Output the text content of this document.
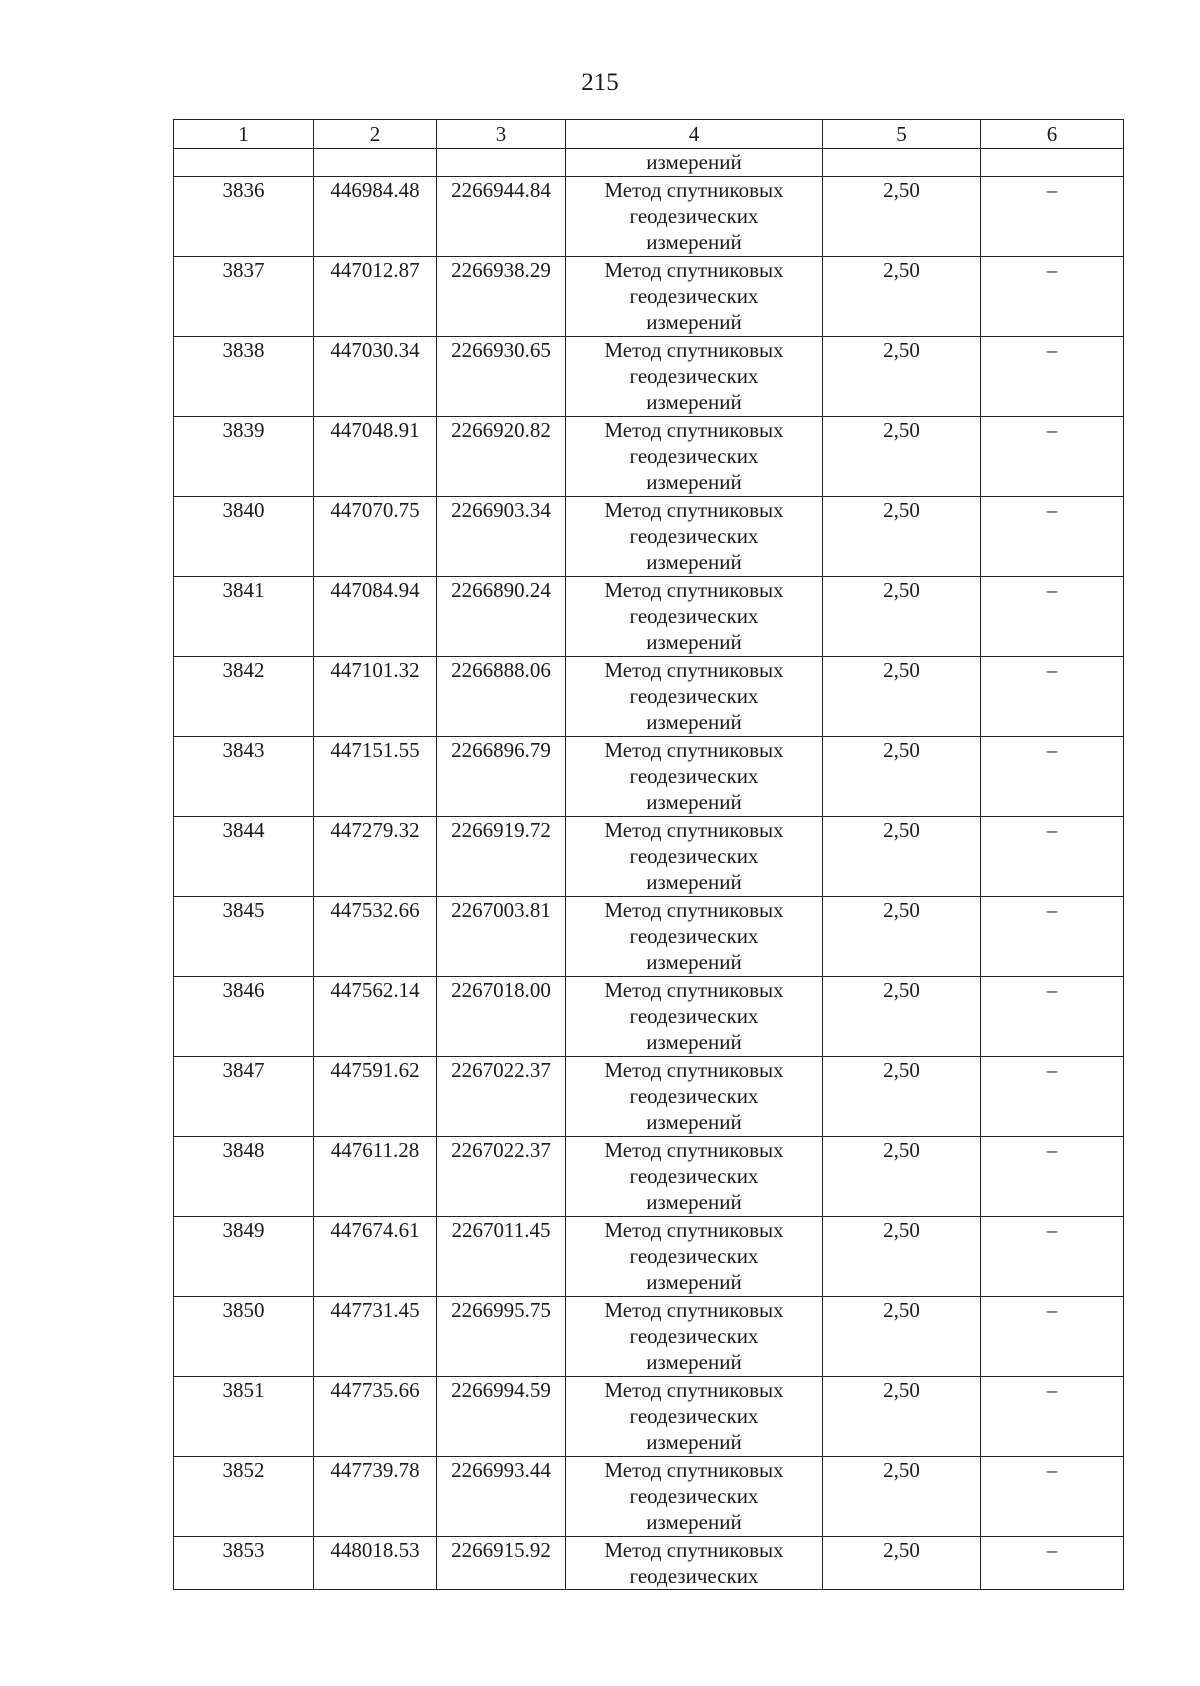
215
1	2	3	4	5	6
			измерений		
3836	446984.48	2266944.84	Метод спутниковых
геодезических
измерений	2,50	–
3837	447012.87	2266938.29	Метод спутниковых
геодезических
измерений	2,50	–
3838	447030.34	2266930.65	Метод спутниковых
геодезических
измерений	2,50	–
3839	447048.91	2266920.82	Метод спутниковых
геодезических
измерений	2,50	–
3840	447070.75	2266903.34	Метод спутниковых
геодезических
измерений	2,50	–
3841	447084.94	2266890.24	Метод спутниковых
геодезических
измерений	2,50	–
3842	447101.32	2266888.06	Метод спутниковых
геодезических
измерений	2,50	–
3843	447151.55	2266896.79	Метод спутниковых
геодезических
измерений	2,50	–
3844	447279.32	2266919.72	Метод спутниковых
геодезических
измерений	2,50	–
3845	447532.66	2267003.81	Метод спутниковых
геодезических
измерений	2,50	–
3846	447562.14	2267018.00	Метод спутниковых
геодезических
измерений	2,50	–
3847	447591.62	2267022.37	Метод спутниковых
геодезических
измерений	2,50	–
3848	447611.28	2267022.37	Метод спутниковых
геодезических
измерений	2,50	–
3849	447674.61	2267011.45	Метод спутниковых
геодезических
измерений	2,50	–
3850	447731.45	2266995.75	Метод спутниковых
геодезических
измерений	2,50	–
3851	447735.66	2266994.59	Метод спутниковых
геодезических
измерений	2,50	–
3852	447739.78	2266993.44	Метод спутниковых
геодезических
измерений	2,50	–
3853	448018.53	2266915.92	Метод спутниковых
геодезических	2,50	–
